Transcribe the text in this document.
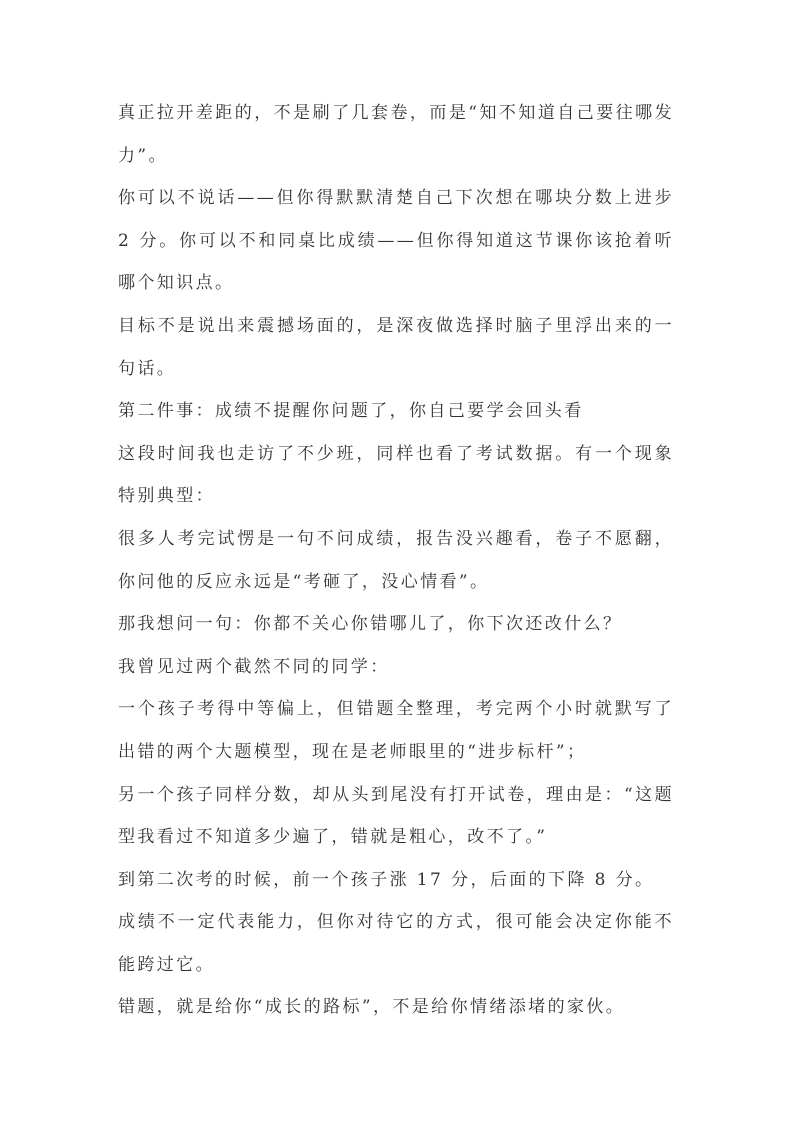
真正拉开差距的，不是刷了几套卷，而是“知不知道自己要往哪发力”。

你可以不说话——但你得默默清楚自己下次想在哪块分数上进步 2 分。你可以不和同桌比成绩——但你得知道这节课你该抢着听哪个知识点。

目标不是说出来震撼场面的，是深夜做选择时脑子里浮出来的一句话。

第二件事：成绩不提醒你问题了，你自己要学会回头看

这段时间我也走访了不少班，同样也看了考试数据。有一个现象特别典型：

很多人考完试愣是一句不问成绩，报告没兴趣看，卷子不愿翻，你问他的反应永远是“考砸了，没心情看”。

那我想问一句：你都不关心你错哪儿了，你下次还改什么？

我曾见过两个截然不同的同学：

一个孩子考得中等偏上，但错题全整理，考完两个小时就默写了出错的两个大题模型，现在是老师眼里的“进步标杆”；

另一个孩子同样分数，却从头到尾没有打开试卷，理由是：“这题型我看过不知道多少遍了，错就是粗心，改不了。”

到第二次考的时候，前一个孩子涨 17 分，后面的下降 8 分。

成绩不一定代表能力，但你对待它的方式，很可能会决定你能不能跨过它。

错题，就是给你“成长的路标”，不是给你情绪添堵的家伙。
